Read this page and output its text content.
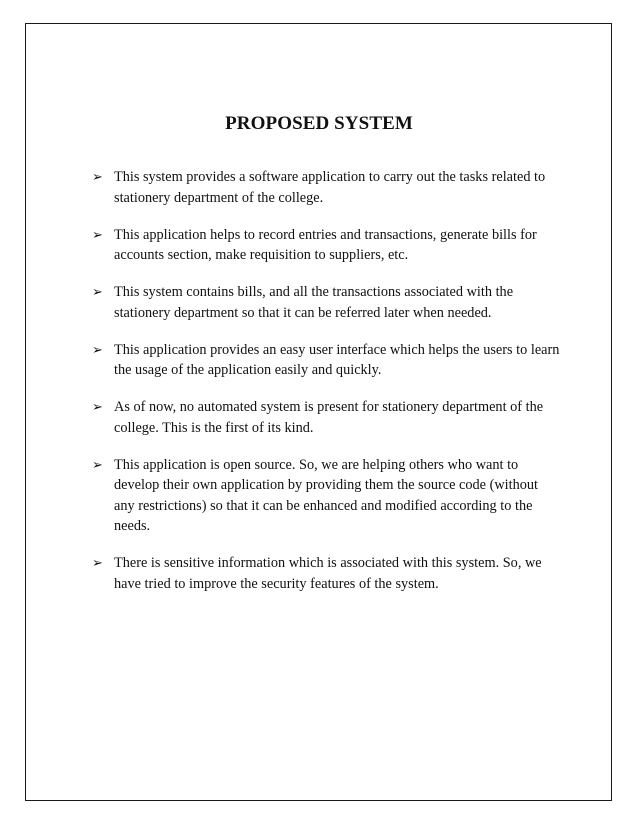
PROPOSED SYSTEM
➢ This system provides a software application to carry out the tasks related to stationery department of the college.
➢ This application helps to record entries and transactions, generate bills for accounts section, make requisition to suppliers, etc.
➢ This system contains bills, and all the transactions associated with the stationery department so that it can be referred later when needed.
➢ This application provides an easy user interface which helps the users to learn the usage of the application easily and quickly.
➢ As of now, no automated system is present for stationery department of the college. This is the first of its kind.
➢ This application is open source. So, we are helping others who want to develop their own application by providing them the source code (without any restrictions) so that it can be enhanced and modified according to the needs.
➢ There is sensitive information which is associated with this system. So, we have tried to improve the security features of the system.
